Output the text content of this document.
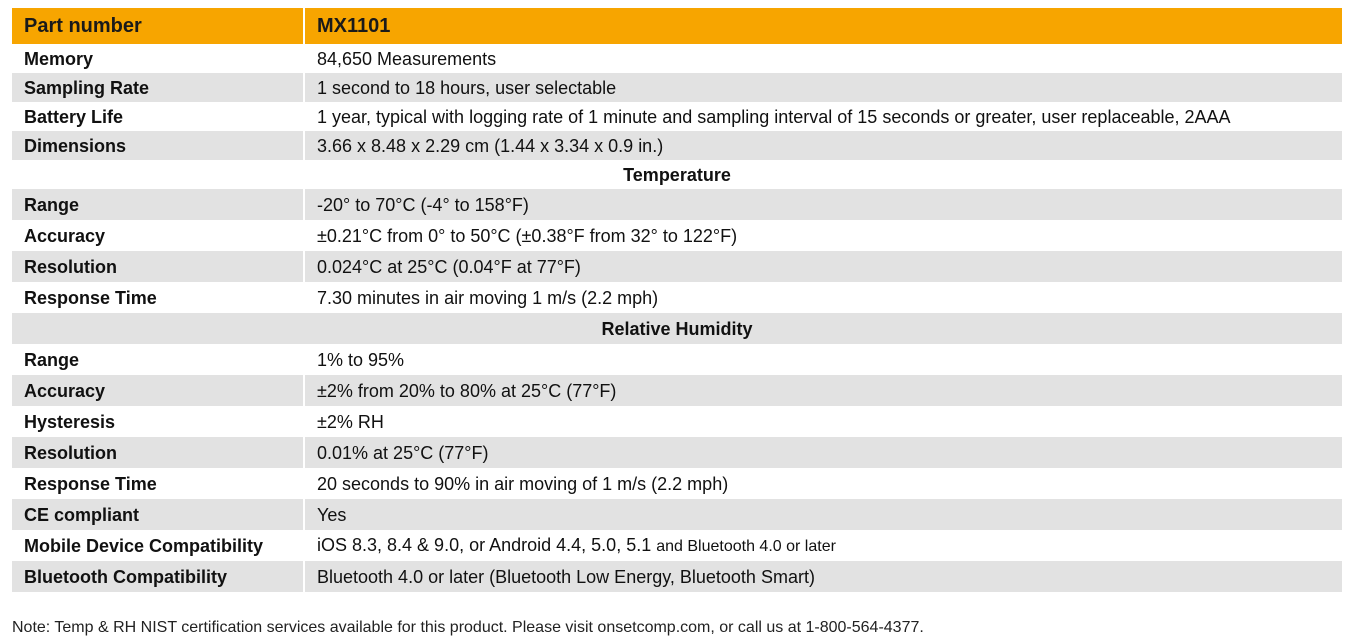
Part number	MX1101
Memory	84,650 Measurements
Sampling Rate	1 second to 18 hours, user selectable
Battery Life	1 year, typical with logging rate of 1 minute and sampling interval of 15 seconds or greater, user replaceable, 2AAA
Dimensions	3.66 x 8.48 x 2.29 cm (1.44 x 3.34 x 0.9 in.)
Temperature	
Range	-20° to 70°C (-4° to 158°F)
Accuracy	±0.21°C from 0° to 50°C (±0.38°F from 32° to 122°F)
Resolution	0.024°C at 25°C (0.04°F at 77°F)
Response Time	7.30 minutes in air moving 1 m/s (2.2 mph)
Relative Humidity	
Range	1% to 95%
Accuracy	±2% from 20% to 80% at 25°C (77°F)
Hysteresis	±2% RH
Resolution	0.01% at 25°C (77°F)
Response Time	20 seconds to 90% in air moving of 1 m/s (2.2 mph)
CE compliant	Yes
Mobile Device Compatibility	iOS 8.3, 8.4 & 9.0, or Android 4.4, 5.0, 5.1 and Bluetooth 4.0 or later
Bluetooth Compatibility	Bluetooth 4.0 or later (Bluetooth Low Energy, Bluetooth Smart)
Note: Temp & RH NIST certification services available for this product. Please visit onsetcomp.com, or call us at 1-800-564-4377.
